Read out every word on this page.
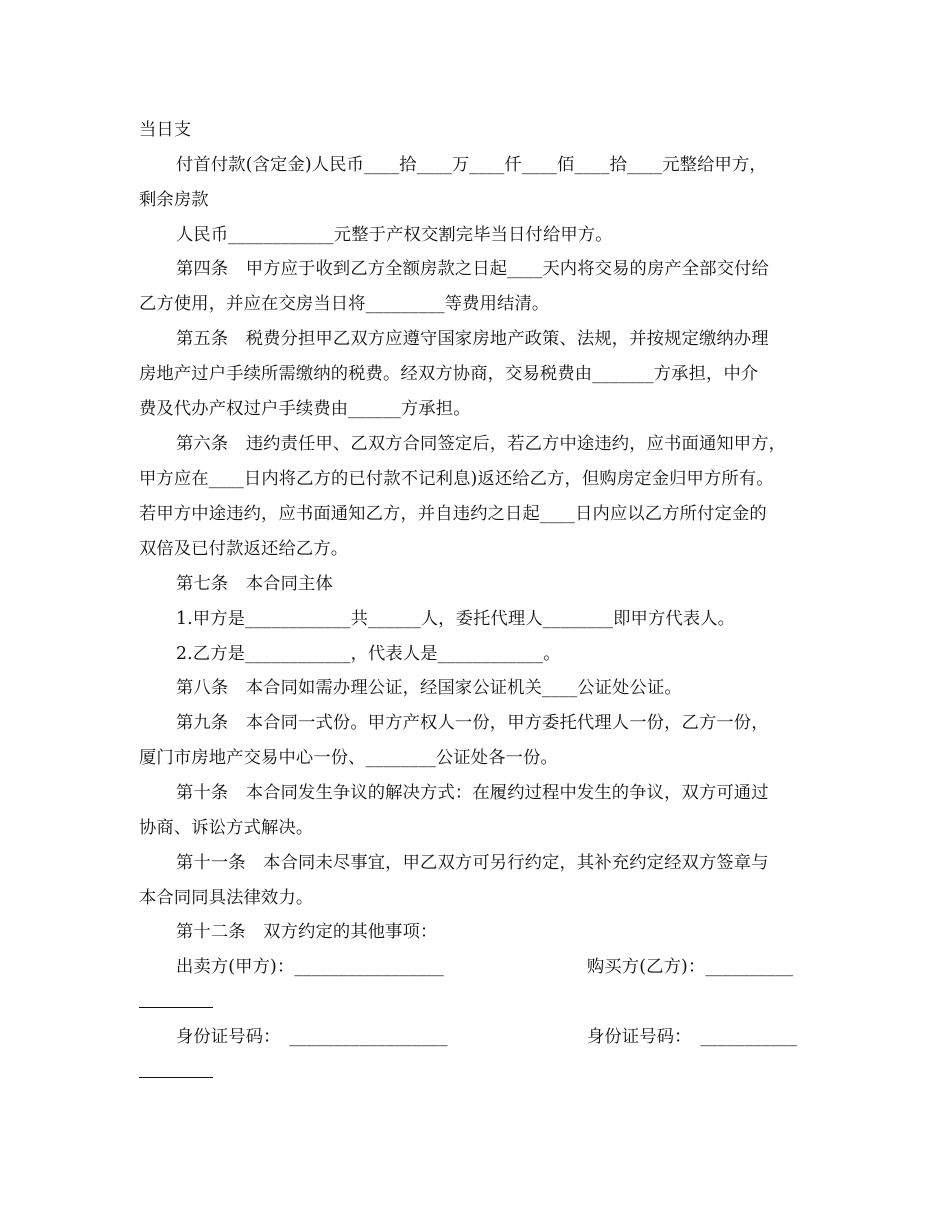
当日支
付首付款(含定金)人民币____拾____万____仟____佰____拾____元整给甲方，
剩余房款
人民币____________元整于产权交割完毕当日付给甲方。
第四条　甲方应于收到乙方全额房款之日起____天内将交易的房产全部交付给
乙方使用，并应在交房当日将_________等费用结清。
第五条　税费分担甲乙双方应遵守国家房地产政策、法规，并按规定缴纳办理
房地产过户手续所需缴纳的税费。经双方协商，交易税费由_______方承担，中介
费及代办产权过户手续费由______方承担。
第六条　违约责任甲、乙双方合同签定后，若乙方中途违约，应书面通知甲方，
甲方应在____日内将乙方的已付款不记利息)返还给乙方，但购房定金归甲方所有。
若甲方中途违约，应书面通知乙方，并自违约之日起____日内应以乙方所付定金的
双倍及已付款返还给乙方。
第七条　本合同主体
1.甲方是____________共______人，委托代理人________即甲方代表人。
2.乙方是____________，代表人是____________。
第八条　本合同如需办理公证，经国家公证机关____公证处公证。
第九条　本合同一式份。甲方产权人一份，甲方委托代理人一份，乙方一份，
厦门市房地产交易中心一份、________公证处各一份。
第十条　本合同发生争议的解决方式：在履约过程中发生的争议，双方可通过
协商、诉讼方式解决。
第十一条　本合同未尽事宜，甲乙双方可另行约定，其补充约定经双方签章与
本合同同具法律效力。
第十二条　双方约定的其他事项：
出卖方(甲方)：_________________	购买方(乙方)：__________
身份证号码：　__________________	身份证号码：　___________
